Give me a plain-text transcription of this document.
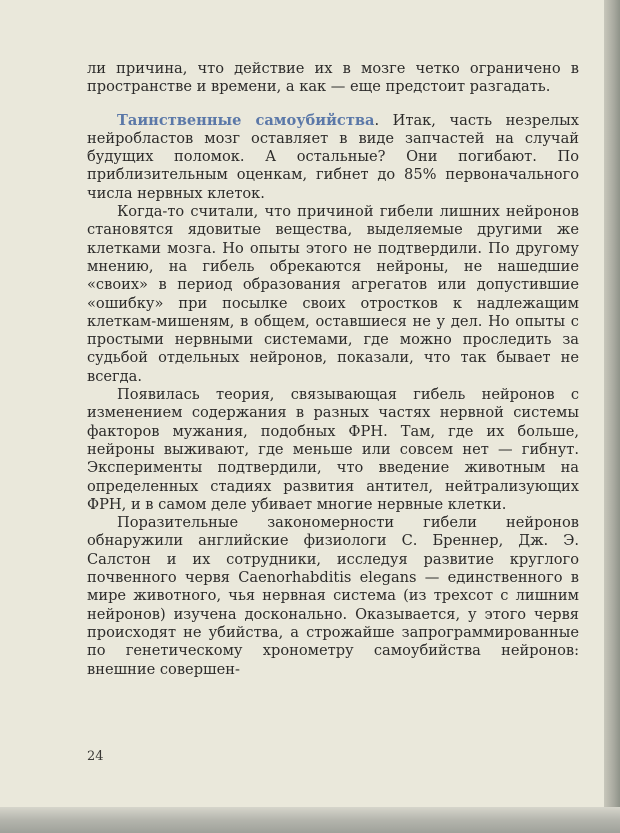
ли причина, что действие их в мозге четко ограничено в пространстве и времени, а как — еще предстоит разгадать.

Таинственные самоубийства. Итак, часть незрелых нейробластов мозг оставляет в виде запчастей на случай будущих поломок. А остальные? Они погибают. По приблизительным оценкам, гибнет до 85% первоначального числа нервных клеток.

Когда-то считали, что причиной гибели лишних нейронов становятся ядовитые вещества, выделяемые другими же клетками мозга. Но опыты этого не подтвердили. По другому мнению, на гибель обрекаются нейроны, не нашедшие «своих» в период образования агрегатов или допустившие «ошибку» при посылке своих отростков к надлежащим клеткам-мишеням, в общем, оставшиеся не у дел. Но опыты с простыми нервными системами, где можно проследить за судьбой отдельных нейронов, показали, что так бывает не всегда.

Появилась теория, связывающая гибель нейронов с изменением содержания в разных частях нервной системы факторов мужания, подобных ФРН. Там, где их больше, нейроны выживают, где меньше или совсем нет — гибнут. Эксперименты подтвердили, что введение животным на определенных стадиях развития антител, нейтрализующих ФРН, и в самом деле убивает многие нервные клетки.

Поразительные закономерности гибели нейронов обнаружили английские физиологи С. Бреннер, Дж. Э. Салстон и их сотрудники, исследуя развитие круглого почвенного червя Caenorhabditis elegans — единственного в мире животного, чья нервная система (из трехсот с лишним нейронов) изучена досконально. Оказывается, у этого червя происходят не убийства, а строжайше запрограммированные по генетическому хронометру самоубийства нейронов: внешние совершен-

24
